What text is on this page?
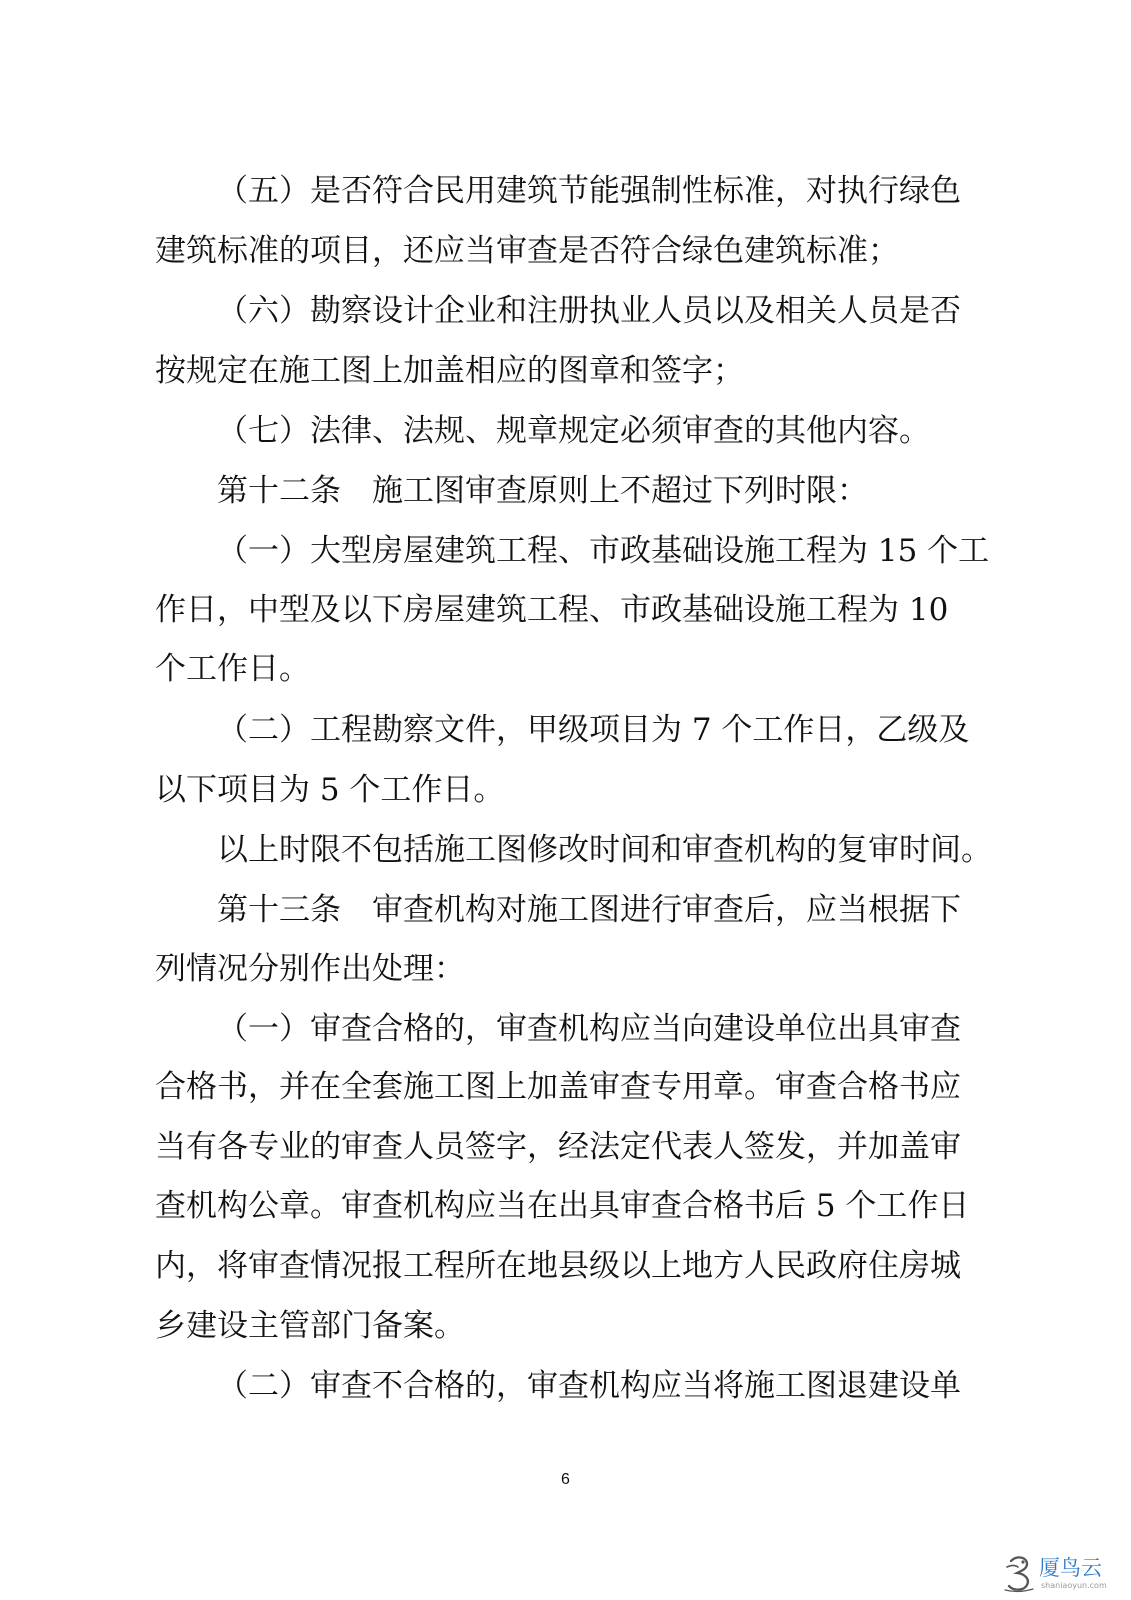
（五）是否符合民用建筑节能强制性标准，对执行绿色
建筑标准的项目，还应当审查是否符合绿色建筑标准；
（六）勘察设计企业和注册执业人员以及相关人员是否
按规定在施工图上加盖相应的图章和签字；
（七）法律、法规、规章规定必须审查的其他内容。
第十二条　施工图审查原则上不超过下列时限：
（一）大型房屋建筑工程、市政基础设施工程为 15 个工
作日，中型及以下房屋建筑工程、市政基础设施工程为 10
个工作日。
（二）工程勘察文件，甲级项目为 7 个工作日，乙级及
以下项目为 5 个工作日。
以上时限不包括施工图修改时间和审查机构的复审时间。
第十三条　审查机构对施工图进行审查后，应当根据下
列情况分别作出处理：
（一）审查合格的，审查机构应当向建设单位出具审查
合格书，并在全套施工图上加盖审查专用章。审查合格书应
当有各专业的审查人员签字，经法定代表人签发，并加盖审
查机构公章。审查机构应当在出具审查合格书后 5 个工作日
内，将审查情况报工程所在地县级以上地方人民政府住房城
乡建设主管部门备案。
（二）审查不合格的，审查机构应当将施工图退建设单
6
厦鸟云
shaniaoyun.com
